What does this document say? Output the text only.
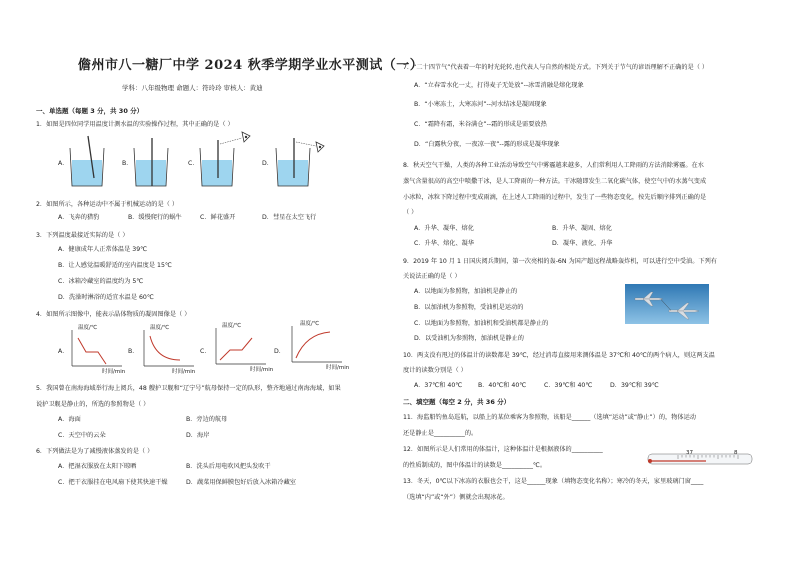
儋州市八一糖厂中学 2024 秋季学期学业水平测试（一）
学科：八年级物理 命题人：符玲玲 审核人：黄迪
一、单选题（每题 3 分，共 30 分）
1．如图是四位同学用温度计测水温的实验操作过程，其中正确的是（ ）
A．	B．	C．	D．
2．如图所示，各种运动中不属于机械运动的是（ ）
A．飞奔的猎豹	B．缓慢爬行的蜗牛	C．鲜花盛开	D．彗星在太空飞行
3．下列温度最接近实际的是（ ）
A．健康成年人正常体温是 39℃
B．让人感觉温暖舒适的室内温度是 15℃
C．冰箱冷藏室的温度约为 5℃
D．洗澡时淋浴的适宜水温是 60℃
4．如图所示图像中，能表示晶体物质的凝固图像是（ ）
A．	B．	C．	D．
温度/℃
时间/min
温度/℃
时间/min
温度/℃
时间/min
温度/℃
时间/min
5．我国曾在南海海域举行海上阅兵，48 艘护卫舰和“辽宁号”航母保持一定的队形，整齐地通过南海海域，如果
说护卫舰是静止的，所选的参照物是（ ）
A．海面	B．旁边的航母
C．天空中的云朵	D．海岸
6．下列做法是为了减慢液体蒸发的是（ ）
A．把湿衣服放在太阳下晾晒	B．洗头后用电吹风把头发吹干
C．把干衣服挂在电风扇下使其快速干燥	D．蔬菜用保鲜膜包好后放入冰箱冷藏室
7．“二十四节气”代表着一年的时光轮转,也代表人与自然的相处方式。下列关于节气的谚语理解不正确的是（ ）
A．“立春雪水化一丈，打得麦子无处放”--冰雪消融是熔化现象
B．“小寒冻土，大寒冻河”--河水结冰是凝固现象
C．“霜降有霜，米谷满仓”--霜的形成是需要放热
D．“白露秋分夜，一夜凉一夜”--露的形成是凝华现象
8．秋天空气干燥，人类的各种工业活动导致空气中雾霾越来越多，人们常利用人工降雨的方法消除雾霾。在水
蒸气含量很高的高空中喷撒干冰，是人工降雨的一种方法。干冰随即发生二氧化碳气体，使空气中的水蒸气变成
小冰粒，冰粒下降过程中变成雨滴，在上述人工降雨的过程中，发生了一些物态变化，按先后顺序排列正确的是
（ ）
A．升华、凝华、熔化	B．升华、凝固、熔化
C．升华、熔化、凝华	D．凝华、液化、升华
9．2019 年 10 月 1 日国庆阅兵期间，第一次亮相的轰-6N 为国产超远程战略轰炸机，可以进行空中受油。下列有
关说法正确的是（ ）
A．以地面为参照物，加油机是静止的
B．以加油机为参照物，受油机是运动的
C．以地面为参照物，加油机和受油机都是静止的
D．以受油机为参照物，加油机是静止的
10．两支没有甩过的体温计的读数都是 39℃，经过消毒直接用来测体温是 37℃和 40℃的两个病人，则这两支温
度计的读数分别是（ ）
A．37℃和 40℃	B．40℃和 40℃	C．39℃和 40℃	D．39℃和 39℃
二、填空题（每空 2 分，共 36 分）
11．海监船钓鱼岛巡航，以船上的某位乘客为参照物，该船是______（选填“运动”或“静止”）的，物体运动
还是静止是__________的。
12．如图所示是人们常用的体温计，这种体温计是根据液体的__________
的性质制成的，图中体温计的读数是__________℃。
37	8
13．冬天，0℃以下冰冻的衣服也会干，这是______现象（填物态变化名称）；寒冷的冬天，家里玻璃门窗____
（选填“内”或“外”）侧就会出现冰花。
